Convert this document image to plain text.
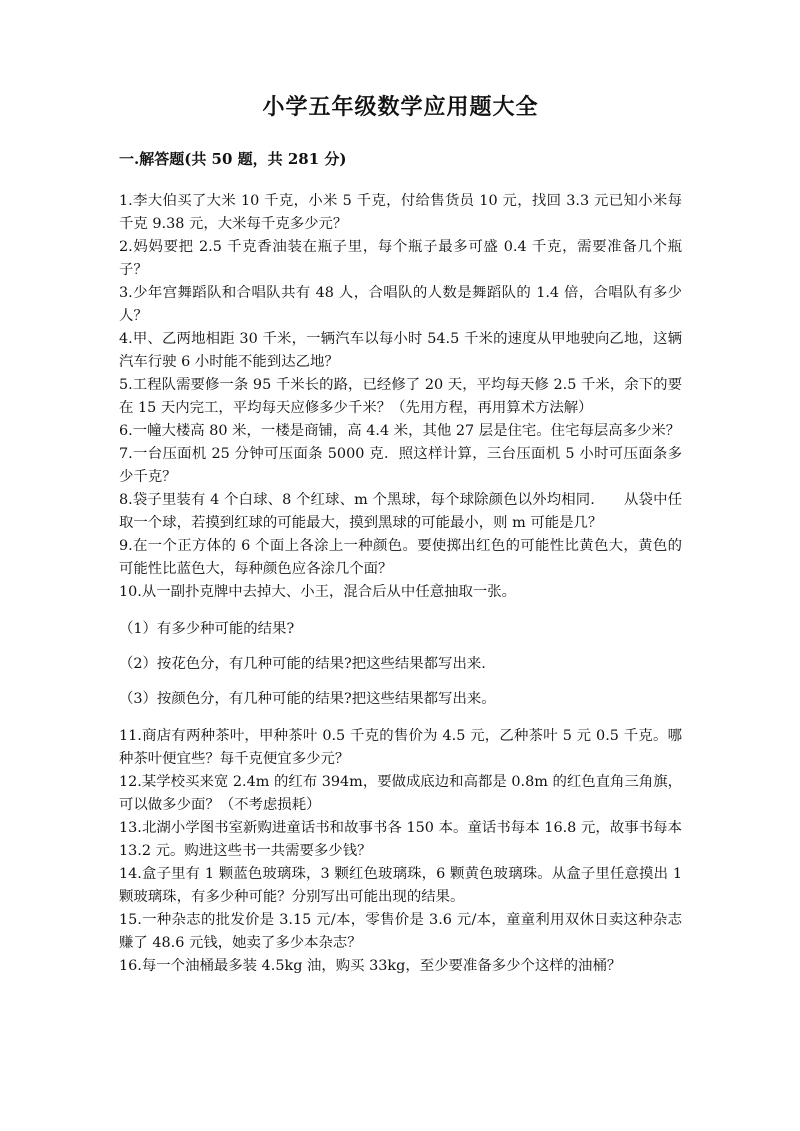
小学五年级数学应用题大全
一.解答题(共 50 题，共 281 分)

1.李大伯买了大米 10 千克，小米 5 千克，付给售货员 10 元，找回 3.3 元已知小米每千克 9.38 元，大米每千克多少元？

2.妈妈要把 2.5 千克香油装在瓶子里，每个瓶子最多可盛 0.4 千克，需要准备几个瓶子？

3.少年宫舞蹈队和合唱队共有 48 人，合唱队的人数是舞蹈队的 1.4 倍，合唱队有多少人？

4.甲、乙两地相距 30 千米，一辆汽车以每小时 54.5 千米的速度从甲地驶向乙地，这辆汽车行驶 6 小时能不能到达乙地？

5.工程队需要修一条 95 千米长的路，已经修了 20 天，平均每天修 2.5 千米，余下的要在 15 天内完工，平均每天应修多少千米？（先用方程，再用算术方法解）

6.一幢大楼高 80 米，一楼是商铺，高 4.4 米，其他 27 层是住宅。住宅每层高多少米？

7.一台压面机 25 分钟可压面条 5000 克．照这样计算，三台压面机 5 小时可压面条多少千克？

8.袋子里装有 4 个白球、8 个红球、m 个黑球，每个球除颜色以外均相同.　　从袋中任取一个球，若摸到红球的可能最大，摸到黑球的可能最小，则 m 可能是几？

9.在一个正方体的 6 个面上各涂上一种颜色。要使掷出红色的可能性比黄色大，黄色的可能性比蓝色大，每种颜色应各涂几个面？

10.从一副扑克牌中去掉大、小王，混合后从中任意抽取一张。

（1）有多少种可能的结果?

（2）按花色分，有几种可能的结果?把这些结果都写出来.

（3）按颜色分，有几种可能的结果?把这些结果都写出来。

11.商店有两种茶叶，甲种茶叶 0.5 千克的售价为 4.5 元，乙种茶叶 5 元 0.5 千克。哪种茶叶便宜些？每千克便宜多少元？

12.某学校买来宽 2.4m 的红布 394m，要做成底边和高都是 0.8m 的红色直角三角旗，可以做多少面？（不考虑损耗）

13.北湖小学图书室新购进童话书和故事书各 150 本。童话书每本 16.8 元，故事书每本 13.2 元。购进这些书一共需要多少钱？

14.盒子里有 1 颗蓝色玻璃珠，3 颗红色玻璃珠，6 颗黄色玻璃珠。从盒子里任意摸出 1 颗玻璃珠，有多少种可能？分别写出可能出现的结果。

15.一种杂志的批发价是 3.15 元/本，零售价是 3.6 元/本，童童利用双休日卖这种杂志赚了 48.6 元钱，她卖了多少本杂志？

16.每一个油桶最多装 4.5kg 油，购买 33kg，至少要准备多少个这样的油桶？
